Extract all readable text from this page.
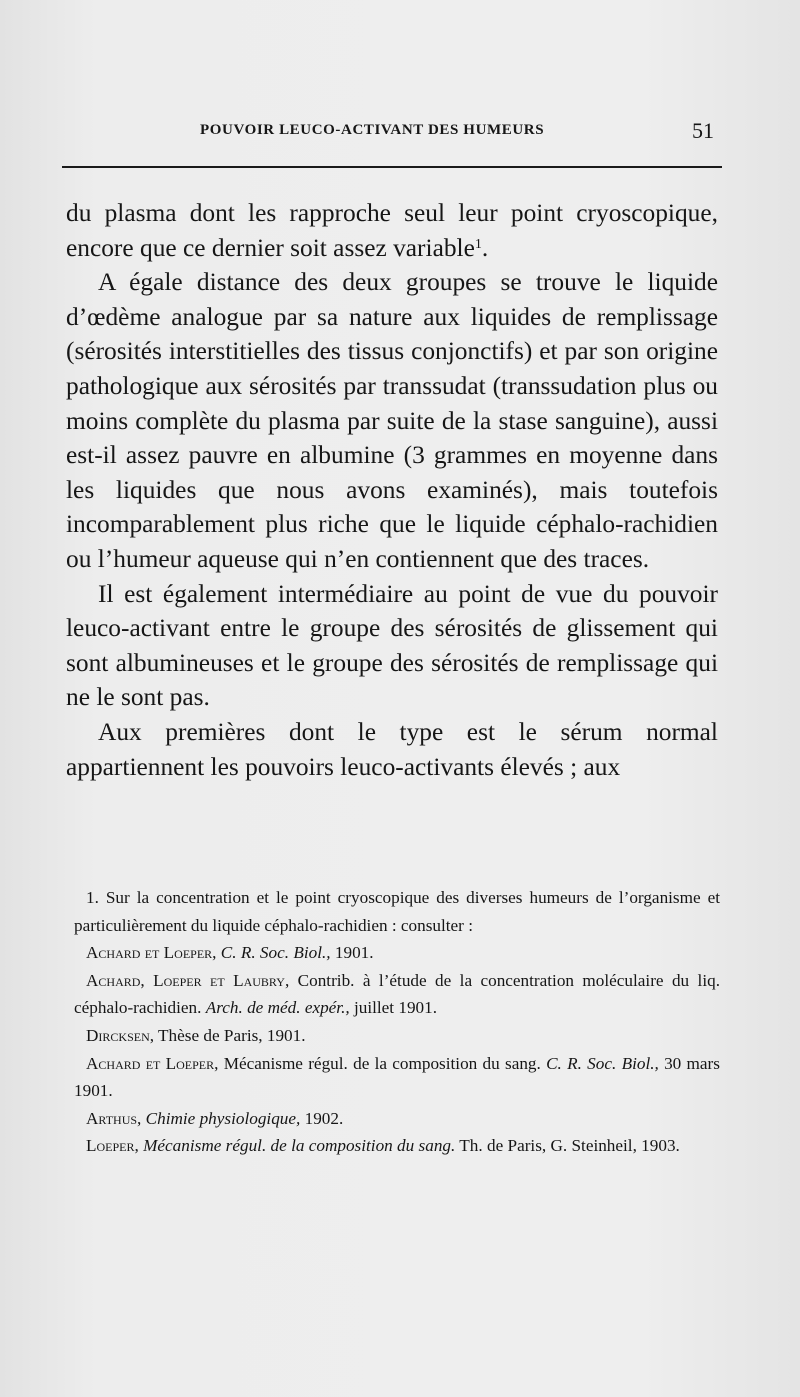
POUVOIR LEUCO-ACTIVANT DES HUMEURS	51

du plasma dont les rapproche seul leur point cryoscopique, encore que ce dernier soit assez variable$^1$.

A égale distance des deux groupes se trouve le liquide d’œdème analogue par sa nature aux liquides de remplissage (sérosités interstitielles des tissus conjonctifs) et par son origine pathologique aux sérosités par transsudat (transsudation plus ou moins complète du plasma par suite de la stase sanguine), aussi est-il assez pauvre en albumine (3 grammes en moyenne dans les liquides que nous avons examinés), mais toutefois incomparablement plus riche que le liquide céphalo-rachidien ou l’humeur aqueuse qui n’en contiennent que des traces.

Il est également intermédiaire au point de vue du pouvoir leuco-activant entre le groupe des sérosités de glissement qui sont albumineuses et le groupe des sérosités de remplissage qui ne le sont pas.

Aux premières dont le type est le sérum normal appartiennent les pouvoirs leuco-activants élevés ; aux

1. Sur la concentration et le point cryoscopique des diverses humeurs de l’organisme et particulièrement du liquide céphalo-rachidien : consulter :

Achard et Loeper, C. R. Soc. Biol., 1901.

Achard, Loeper et Laubry, Contrib. à l’étude de la concentration moléculaire du liq. céphalo-rachidien. Arch. de méd. expér., juillet 1901.

Dircksen, Thèse de Paris, 1901.

Achard et Loeper, Mécanisme régul. de la composition du sang. C. R. Soc. Biol., 30 mars 1901.

Arthus, Chimie physiologique, 1902.

Loeper, Mécanisme régul. de la composition du sang. Th. de Paris, G. Steinheil, 1903.
